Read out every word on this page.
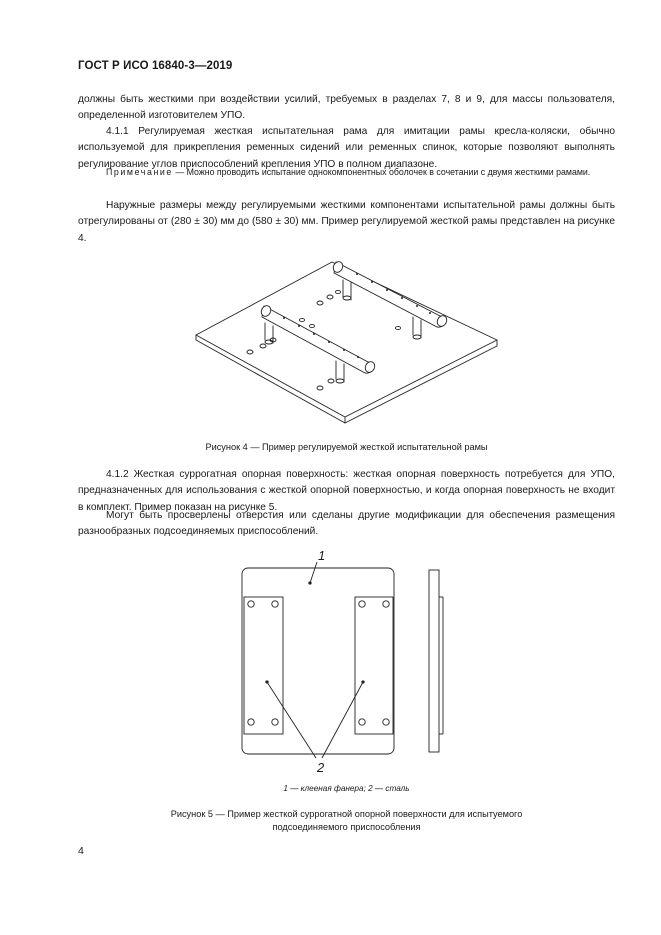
ГОСТ Р ИСО 16840-3—2019

должны быть жесткими при воздействии усилий, требуемых в разделах 7, 8 и 9, для массы пользователя, определенной изготовителем УПО.

4.1.1 Регулируемая жесткая испытательная рама для имитации рамы кресла-коляски, обычно используемой для прикрепления ременных сидений или ременных спинок, которые позволяют выполнять регулирование углов приспособлений крепления УПО в полном диапазоне.

Примечание — Можно проводить испытание однокомпонентных оболочек в сочетании с двумя жесткими рамами.

Наружные размеры между регулируемыми жесткими компонентами испытательной рамы должны быть отрегулированы от (280 ± 30) мм до (580 ± 30) мм. Пример регулируемой жесткой рамы представлен на рисунке 4.

Рисунок 4 — Пример регулируемой жесткой испытательной рамы

4.1.2 Жесткая суррогатная опорная поверхность: жесткая опорная поверхность потребуется для УПО, предназначенных для использования с жесткой опорной поверхностью, и когда опорная поверхность не входит в комплект. Пример показан на рисунке 5.

Могут быть просверлены отверстия или сделаны другие модификации для обеспечения размещения разнообразных подсоединяемых приспособлений.

1
2
1 — клееная фанера; 2 — сталь
Рисунок 5 — Пример жесткой суррогатной опорной поверхности для испытуемого
подсоединяемого приспособления
4
